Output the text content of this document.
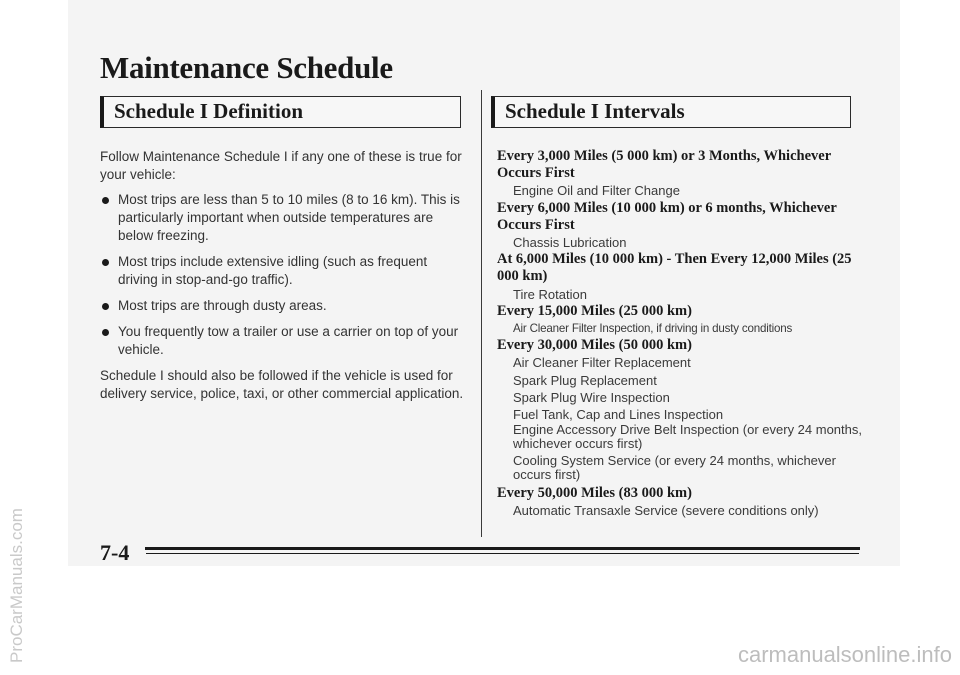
Maintenance Schedule
Schedule I Definition

Follow Maintenance Schedule I if any one of these is true for your vehicle:

Most trips are less than 5 to 10 miles (8 to 16 km). This is particularly important when outside temperatures are below freezing.
Most trips include extensive idling (such as frequent driving in stop-and-go traffic).
Most trips are through dusty areas.
You frequently tow a trailer or use a carrier on top of your vehicle.

Schedule I should also be followed if the vehicle is used for delivery service, police, taxi, or other commercial application.

Schedule I Intervals

Every 3,000 Miles (5 000 km) or 3 Months, Whichever Occurs First

Engine Oil and Filter Change

Every 6,000 Miles (10 000 km) or 6 months, Whichever Occurs First

Chassis Lubrication

At 6,000 Miles (10 000 km) - Then Every 12,000 Miles (25 000 km)

Tire Rotation

Every 15,000 Miles (25 000 km)

Air Cleaner Filter Inspection, if driving in dusty conditions

Every 30,000 Miles (50 000 km)

Air Cleaner Filter Replacement
Spark Plug Replacement
Spark Plug Wire Inspection
Fuel Tank, Cap and Lines Inspection
Engine Accessory Drive Belt Inspection (or every 24 months, whichever occurs first)
Cooling System Service (or every 24 months, whichever occurs first)

Every 50,000 Miles (83 000 km)

Automatic Transaxle Service (severe conditions only)
7-4
ProCarManuals.com	carmanualsonline.info
